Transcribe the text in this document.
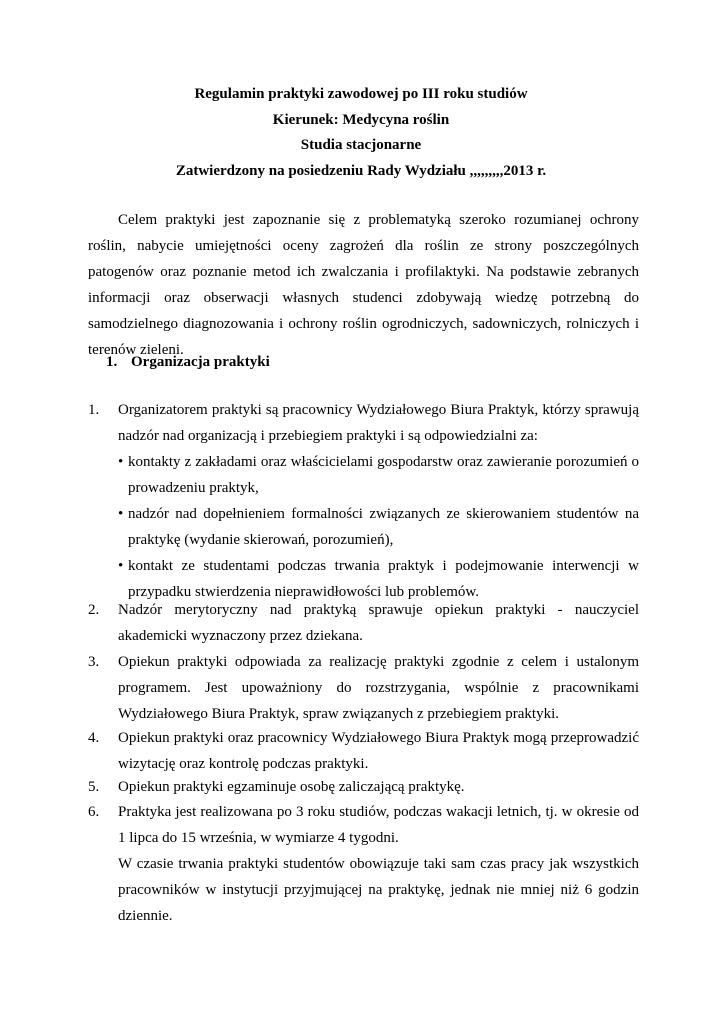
Regulamin praktyki zawodowej po III roku studiów
Kierunek: Medycyna roślin
Studia stacjonarne
Zatwierdzony na posiedzeniu Rady Wydziału ,,,,,,,,,2013 r.

Celem praktyki jest zapoznanie się z problematyką szeroko rozumianej ochrony roślin, nabycie umiejętności oceny zagrożeń dla roślin ze strony poszczególnych patogenów oraz poznanie metod ich zwalczania i profilaktyki. Na podstawie zebranych informacji oraz obserwacji własnych studenci zdobywają wiedzę potrzebną do samodzielnego diagnozowania i ochrony roślin ogrodniczych, sadowniczych, rolniczych i terenów zieleni.

1. Organizacja praktyki
1. Organizatorem praktyki są pracownicy Wydziałowego Biura Praktyk, którzy sprawują nadzór nad organizacją i przebiegiem praktyki i są odpowiedzialni za:
• kontakty z zakładami oraz właścicielami gospodarstw oraz zawieranie porozumień o prowadzeniu praktyk,
• nadzór nad dopełnieniem formalności związanych ze skierowaniem studentów na praktykę (wydanie skierowań, porozumień),
• kontakt ze studentami podczas trwania praktyk i podejmowanie interwencji w przypadku stwierdzenia nieprawidłowości lub problemów.
2. Nadzór merytoryczny nad praktyką sprawuje opiekun praktyki - nauczyciel akademicki wyznaczony przez dziekana.
3. Opiekun praktyki odpowiada za realizację praktyki zgodnie z celem i ustalonym programem. Jest upoważniony do rozstrzygania, wspólnie z pracownikami Wydziałowego Biura Praktyk, spraw związanych z przebiegiem praktyki.
4. Opiekun praktyki oraz pracownicy Wydziałowego Biura Praktyk mogą przeprowadzić wizytację oraz kontrolę podczas praktyki.
5. Opiekun praktyki egzaminuje osobę zaliczającą praktykę.
6. Praktyka jest realizowana po 3 roku studiów, podczas wakacji letnich, tj. w okresie od 1 lipca do 15 września, w wymiarze 4 tygodni.
W czasie trwania praktyki studentów obowiązuje taki sam czas pracy jak wszystkich pracowników w instytucji przyjmującej na praktykę, jednak nie mniej niż 6 godzin dziennie.
